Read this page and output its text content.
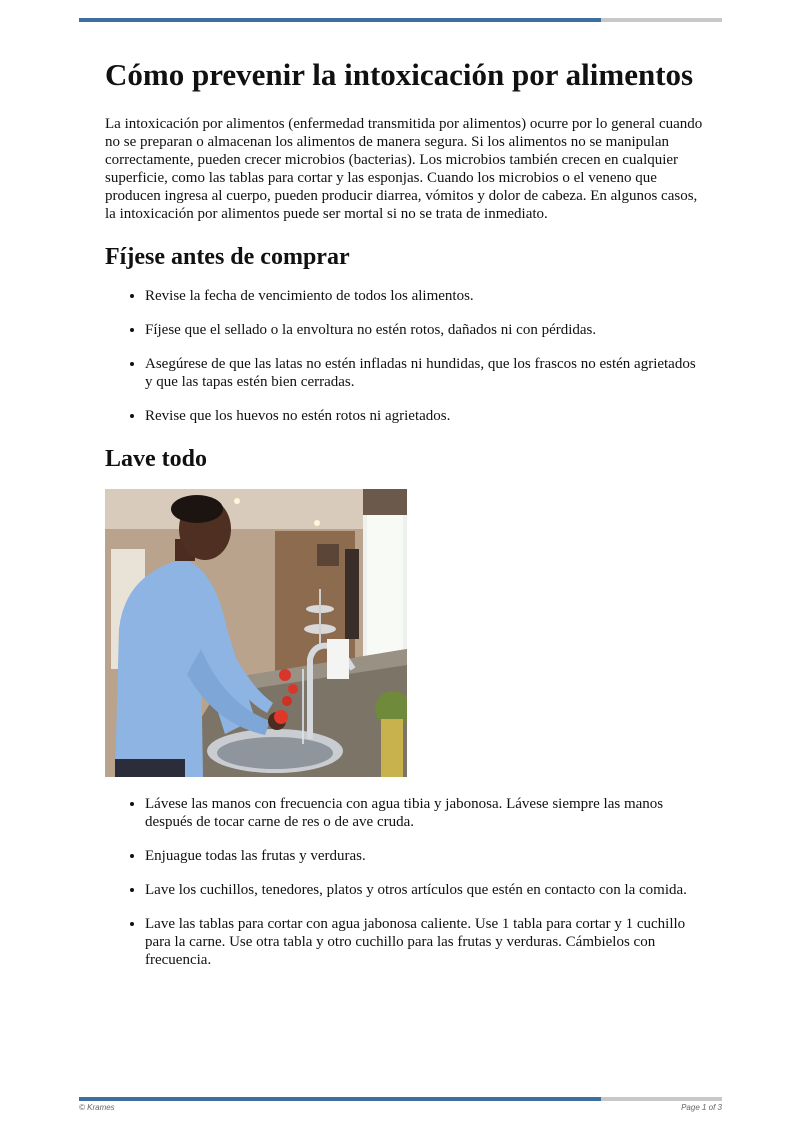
Cómo prevenir la intoxicación por alimentos

La intoxicación por alimentos (enfermedad transmitida por alimentos) ocurre por lo general cuando no se preparan o almacenan los alimentos de manera segura. Si los alimentos no se manipulan correctamente, pueden crecer microbios (bacterias). Los microbios también crecen en cualquier superficie, como las tablas para cortar y las esponjas. Cuando los microbios o el veneno que producen ingresa al cuerpo, pueden producir diarrea, vómitos y dolor de cabeza. En algunos casos, la intoxicación por alimentos puede ser mortal si no se trata de inmediato.

Fíjese antes de comprar
• Revise la fecha de vencimiento de todos los alimentos.
• Fíjese que el sellado o la envoltura no estén rotos, dañados ni con pérdidas.
• Asegúrese de que las latas no estén infladas ni hundidas, que los frascos no estén agrietados y que las tapas estén bien cerradas.
• Revise que los huevos no estén rotos ni agrietados.
Lave todo
• Lávese las manos con frecuencia con agua tibia y jabonosa. Lávese siempre las manos después de tocar carne de res o de ave cruda.
• Enjuague todas las frutas y verduras.
• Lave los cuchillos, tenedores, platos y otros artículos que estén en contacto con la comida.
• Lave las tablas para cortar con agua jabonosa caliente. Use 1 tabla para cortar y 1 cuchillo para la carne. Use otra tabla y otro cuchillo para las frutas y verduras. Cámbielos con frecuencia.
© Krames	Page 1 of 3
